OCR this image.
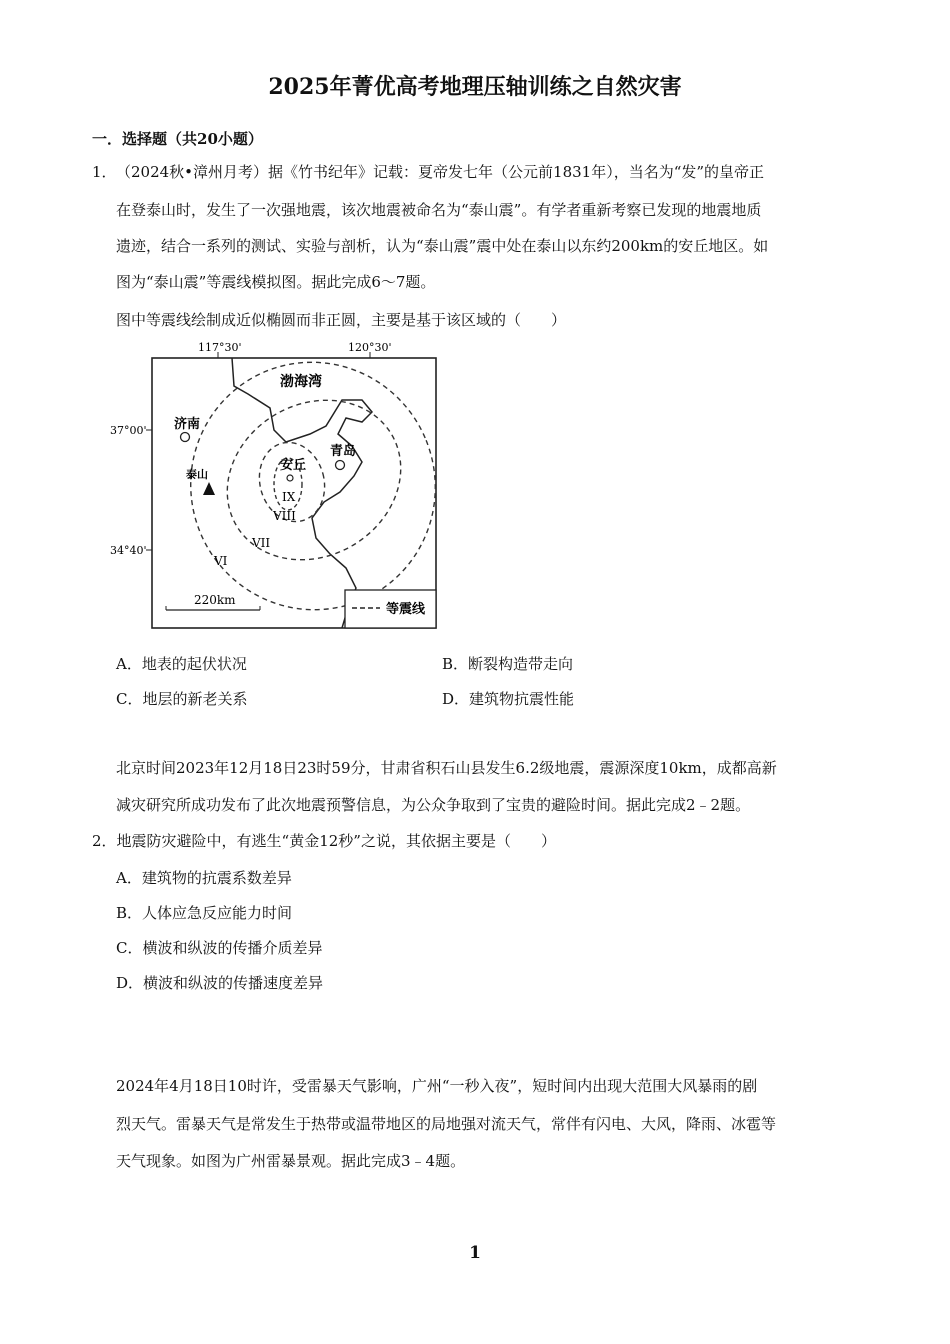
2025年菁优高考地理压轴训练之自然灾害
一．选择题（共20小题）
1． （2024秋•漳州月考）据《竹书纪年》记载：夏帝发七年（公元前1831年），当名为“发”的皇帝正
在登泰山时，发生了一次强地震，该次地震被命名为“泰山震”。有学者重新考察已发现的地震地质
遗迹，结合一系列的测试、实验与剖析，认为“泰山震”震中处在泰山以东约200km的安丘地区。如
图为“泰山震”等震线模拟图。据此完成6～7题。
图中等震线绘制成近似椭圆而非正圆，主要是基于该区域的（　　）
117°30'	120°30'
37°00'
34°40'
渤海湾
济南
青岛
泰山
安丘
IX
VIII
VII
VI
220km
等震线
A．地表的起伏状况	B．断裂构造带走向
C．地层的新老关系	D．建筑物抗震性能
北京时间2023年12月18日23时59分，甘肃省积石山县发生6.2级地震，震源深度10km，成都高新
减灾研究所成功发布了此次地震预警信息，为公众争取到了宝贵的避险时间。据此完成2﹣2题。
2．地震防灾避险中，有逃生“黄金12秒”之说，其依据主要是（　　）
A．建筑物的抗震系数差异
B．人体应急反应能力时间
C．横波和纵波的传播介质差异
D．横波和纵波的传播速度差异
2024年4月18日10时许，受雷暴天气影响，广州“一秒入夜”，短时间内出现大范围大风暴雨的剧
烈天气。雷暴天气是常发生于热带或温带地区的局地强对流天气，常伴有闪电、大风，降雨、冰雹等
天气现象。如图为广州雷暴景观。据此完成3﹣4题。
1
